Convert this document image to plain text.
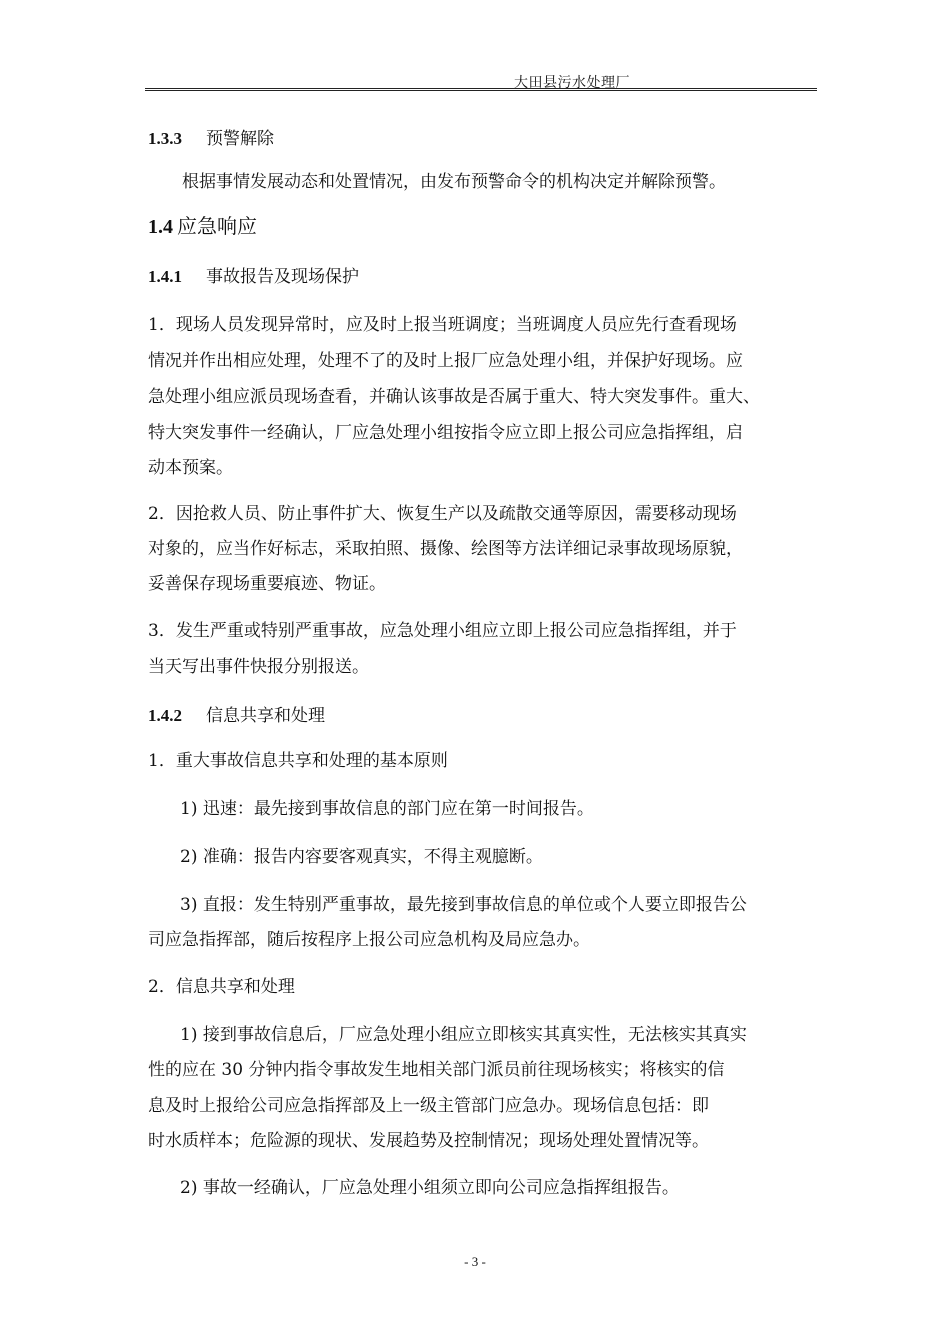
大田县污水处理厂
1.3.3 预警解除
根据事情发展动态和处置情况，由发布预警命令的机构决定并解除预警。
1.4 应急响应
1.4.1 事故报告及现场保护
1．现场人员发现异常时，应及时上报当班调度；当班调度人员应先行查看现场
情况并作出相应处理，处理不了的及时上报厂应急处理小组，并保护好现场。应
急处理小组应派员现场查看，并确认该事故是否属于重大、特大突发事件。重大、
特大突发事件一经确认，厂应急处理小组按指令应立即上报公司应急指挥组，启
动本预案。
2．因抢救人员、防止事件扩大、恢复生产以及疏散交通等原因，需要移动现场
对象的，应当作好标志，采取拍照、摄像、绘图等方法详细记录事故现场原貌，
妥善保存现场重要痕迹、物证。
3．发生严重或特别严重事故，应急处理小组应立即上报公司应急指挥组，并于
当天写出事件快报分别报送。
1.4.2 信息共享和处理
1．重大事故信息共享和处理的基本原则
1) 迅速：最先接到事故信息的部门应在第一时间报告。
2) 准确：报告内容要客观真实，不得主观臆断。
3) 直报：发生特别严重事故，最先接到事故信息的单位或个人要立即报告公
司应急指挥部，随后按程序上报公司应急机构及局应急办。
2．信息共享和处理
1) 接到事故信息后，厂应急处理小组应立即核实其真实性，无法核实其真实
性的应在 30 分钟内指令事故发生地相关部门派员前往现场核实；将核实的信
息及时上报给公司应急指挥部及上一级主管部门应急办。现场信息包括：即
时水质样本；危险源的现状、发展趋势及控制情况；现场处理处置情况等。
2) 事故一经确认，厂应急处理小组须立即向公司应急指挥组报告。
- 3 -
